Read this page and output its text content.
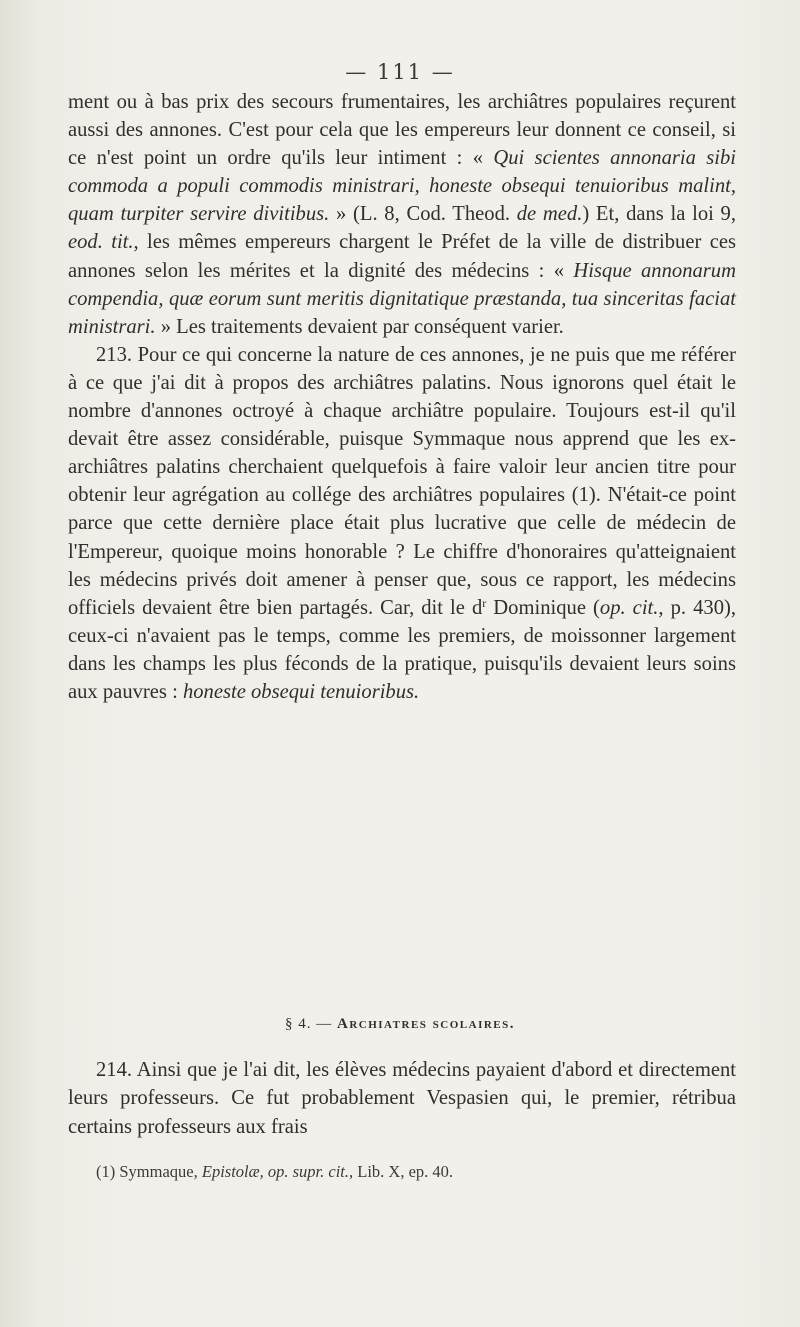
— 111 —

ment ou à bas prix des secours frumentaires, les archiâtres populaires reçurent aussi des annones. C'est pour cela que les empereurs leur donnent ce conseil, si ce n'est point un ordre qu'ils leur intiment : « Qui scientes annonaria sibi commoda a populi commodis ministrari, honeste obsequi tenuioribus malint, quam turpiter servire divitibus. » (L. 8, Cod. Theod. de med.) Et, dans la loi 9, eod. tit., les mêmes empereurs chargent le Préfet de la ville de distribuer ces annones selon les mérites et la dignité des médecins : « Hisque annonarum compendia, quæ eorum sunt meritis dignitatique præstanda, tua sinceritas faciat ministrari. » Les traitements devaient par conséquent varier.

213. Pour ce qui concerne la nature de ces annones, je ne puis que me référer à ce que j'ai dit à propos des archiâtres palatins. Nous ignorons quel était le nombre d'annones octroyé à chaque archiâtre populaire. Toujours est-il qu'il devait être assez considérable, puisque Symmaque nous apprend que les ex-archiâtres palatins cherchaient quelquefois à faire valoir leur ancien titre pour obtenir leur agrégation au collége des archiâtres populaires (1). N'était-ce point parce que cette dernière place était plus lucrative que celle de médecin de l'Empereur, quoique moins honorable ? Le chiffre d'honoraires qu'atteignaient les médecins privés doit amener à penser que, sous ce rapport, les médecins officiels devaient être bien partagés. Car, dit le $d^r$ Dominique (op. cit., p. 430), ceux-ci n'avaient pas le temps, comme les premiers, de moissonner largement dans les champs les plus féconds de la pratique, puisqu'ils devaient leurs soins aux pauvres : honeste obsequi tenuioribus.

§ 4. — Archiatres scolaires.

214. Ainsi que je l'ai dit, les élèves médecins payaient d'abord et directement leurs professeurs. Ce fut probablement Vespasien qui, le premier, rétribua certains professeurs aux frais

(1) Symmaque, Epistolæ, op. supr. cit., Lib. X, ep. 40.
